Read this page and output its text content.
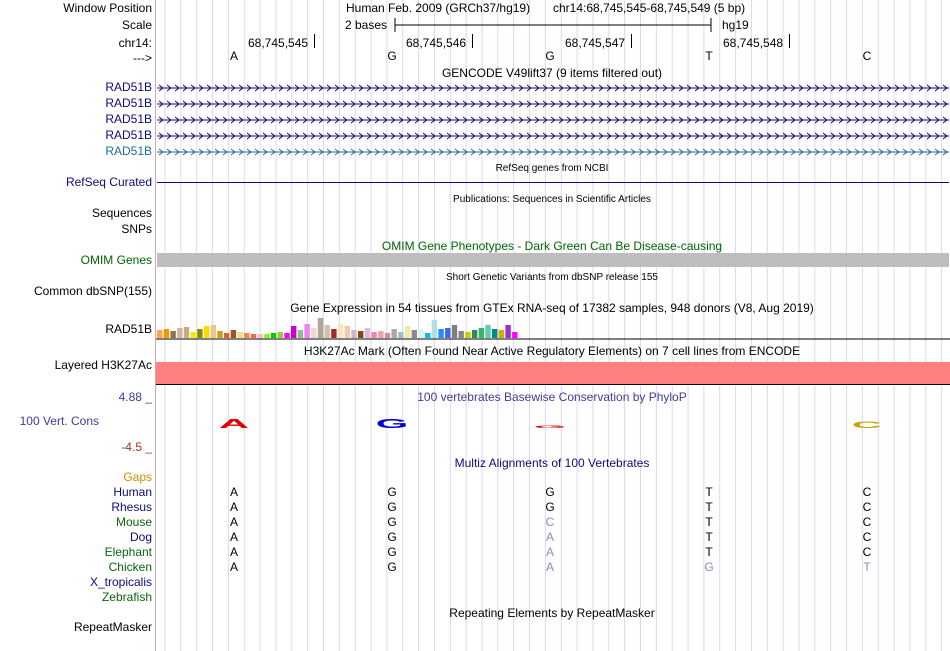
Window Position
Scale
chr14:
--->
Human Feb. 2009 (GRCh37/hg19) chr14:68,745,545-68,745,549 (5 bp)
2 bases	hg19
68,745,545	68,745,546	68,745,547	68,745,548
A	G	G	T	C
GENCODE V49lift37 (9 items filtered out)
RAD51B
RAD51B
RAD51B
RAD51B
RAD51B
RefSeq genes from NCBI
RefSeq Curated
Publications: Sequences in Scientific Articles
Sequences
SNPs
OMIM Gene Phenotypes - Dark Green Can Be Disease-causing
OMIM Genes
Short Genetic Variants from dbSNP release 155
Common dbSNP(155)
Gene Expression in 54 tissues from GTEx RNA-seq of 17382 samples, 948 donors (V8, Aug 2019)
RAD51B
H3K27Ac Mark (Often Found Near Active Regulatory Elements) on 7 cell lines from ENCODE
Layered H3K27Ac
4.88 _	100 vertebrates Basewise Conservation by PhyloP
100 Vert. Cons
-4.5 _
A	G	G	C
Multiz Alignments of 100 Vertebrates
Gaps
Human	A	G	G	T	C
Rhesus	A	G	G	T	C
Mouse	A	G	C	T	C
Dog	A	G	A	T	C
Elephant	A	G	A	T	C
Chicken	A	G	A	G	T
X_tropicalis
Zebrafish
Repeating Elements by RepeatMasker
RepeatMasker
